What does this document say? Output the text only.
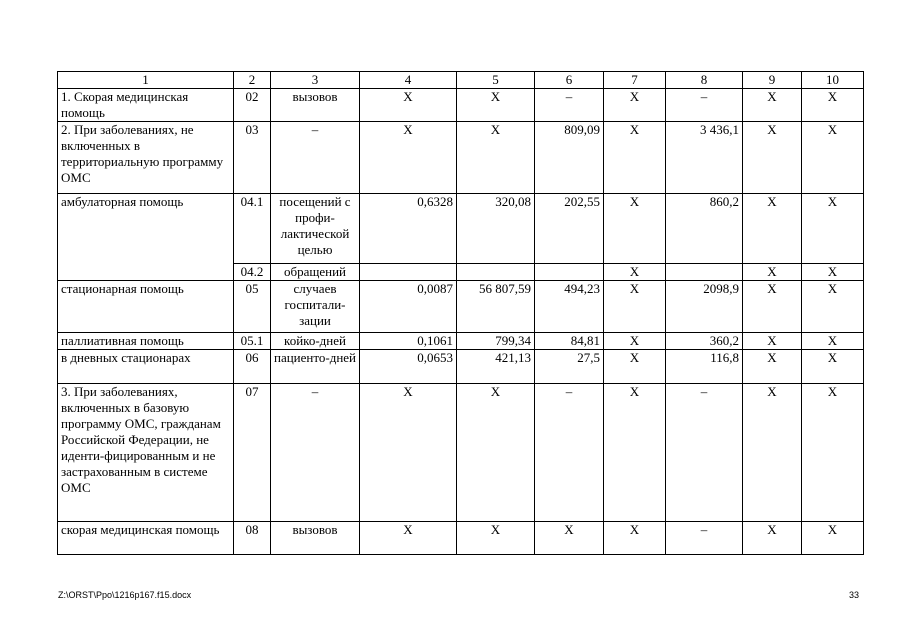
1	2	3	4	5	6	7	8	9	10
1. Скорая медицинская помощь	02	вызовов	Х	Х	–	Х	–	Х	Х
2. При заболеваниях, не включенных в территориальную программу ОМС	03	–	Х	Х	809,09	Х	3 436,1	Х	Х
амбулаторная помощь	04.1	посещений с профи-лактической целью	0,6328	320,08	202,55	Х	860,2	Х	Х
	04.2	обращений				Х		Х	Х
стационарная помощь	05	случаев госпитали-зации	0,0087	56 807,59	494,23	Х	2098,9	Х	Х
паллиативная помощь	05.1	койко-дней	0,1061	799,34	84,81	Х	360,2	Х	Х
в дневных стационарах	06	пациенто-дней	0,0653	421,13	27,5	Х	116,8	Х	Х
3. При заболеваниях, включенных в базовую программу ОМС, гражданам Российской Федерации, не иденти-фицированным и не застрахованным в системе ОМС	07	–	Х	Х	–	Х	–	Х	Х
скорая медицинская помощь	08	вызовов	Х	Х	Х	Х	–	Х	Х
Z:\ORST\Ppo\1216p167.f15.docx	33
